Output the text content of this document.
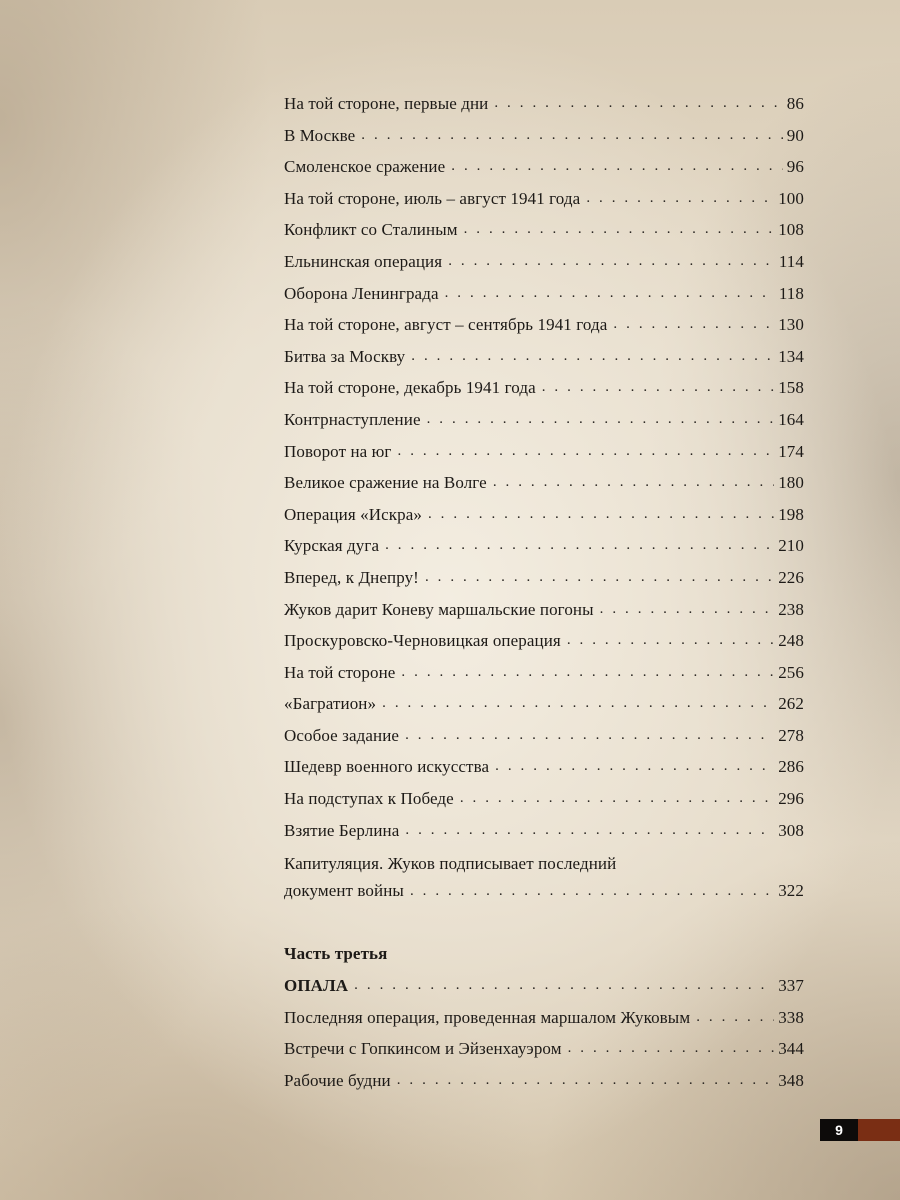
На той стороне, первые дни . . .	86
В Москве . . .	90
Смоленское сражение . . .	96
На той стороне, июль – август 1941 года . . .	100
Конфликт со Сталиным . . .	108
Ельнинская операция . . .	114
Оборона Ленинграда . . .	118
На той стороне, август – сентябрь 1941 года . . .	130
Битва за Москву . . .	134
На той стороне, декабрь 1941 года . . .	158
Контрнаступление . . .	164
Поворот на юг . . .	174
Великое сражение на Волге . . .	180
Операция «Искра» . . .	198
Курская дуга . . .	210
Вперед, к Днепру! . . .	226
Жуков дарит Коневу маршальские погоны . . .	238
Проскуровско-Черновицкая операция . . .	248
На той стороне . . .	256
«Багратион» . . .	262
Особое задание . . .	278
Шедевр военного искусства . . .	286
На подступах к Победе . . .	296
Взятие Берлина . . .	308
Капитуляция. Жуков подписывает последний
документ войны . . .	322
Часть третья
ОПАЛА . . .	337
Последняя операция, проведенная маршалом Жуковым . . .	338
Встречи с Гопкинсом и Эйзенхауэром . . .	344
Рабочие будни . . .	348
9
